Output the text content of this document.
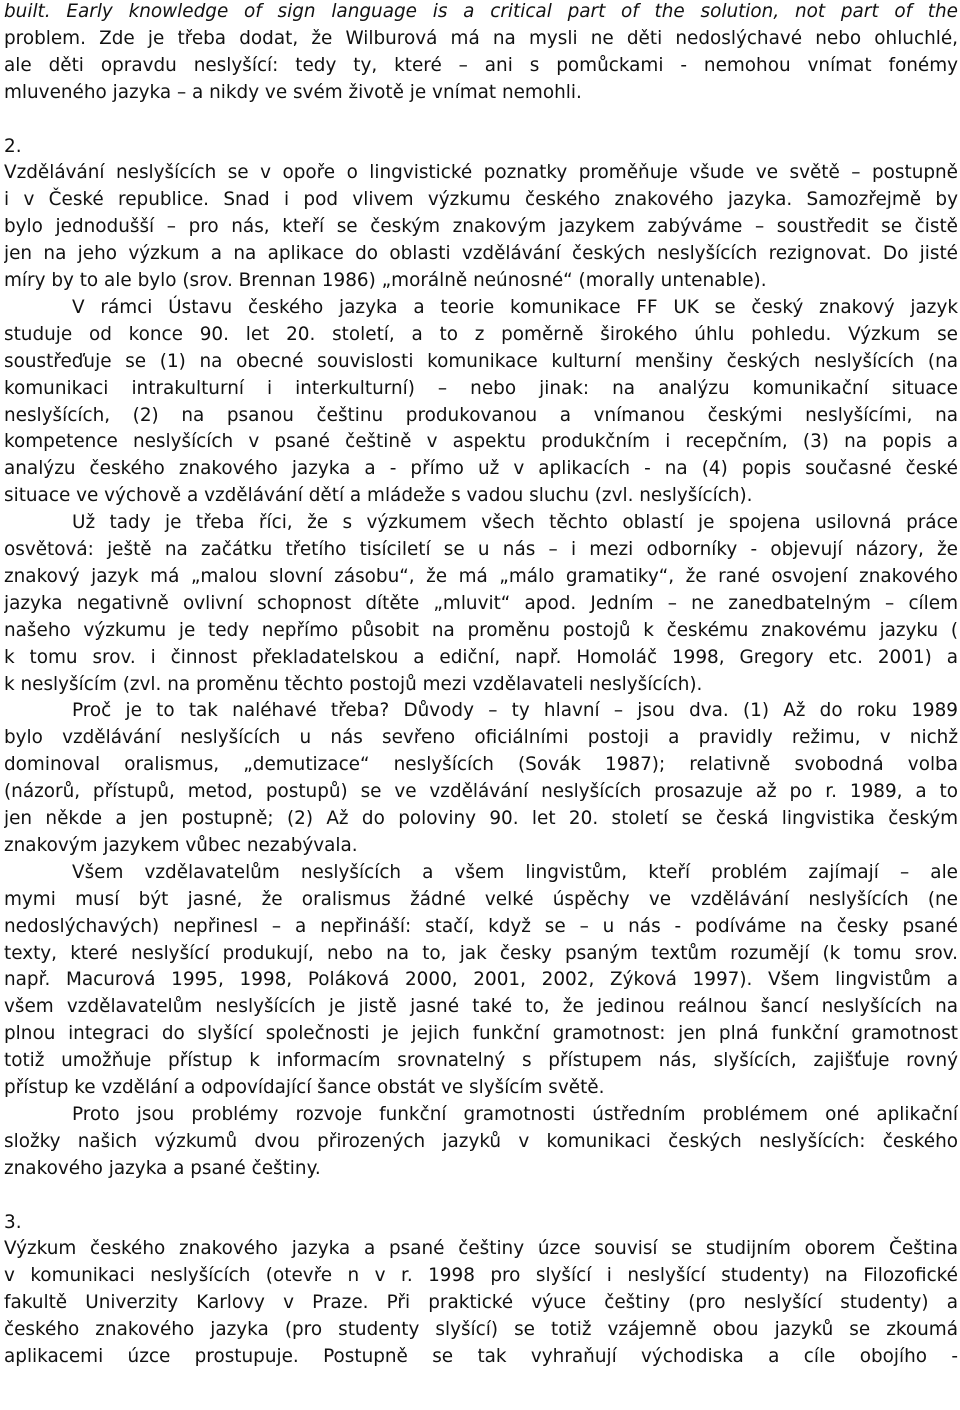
built. Early knowledge of sign language is a critical part of the solution, not part of the
problem. Zde je třeba dodat, že Wilburová má na mysli ne děti nedoslýchavé nebo ohluchlé,
ale děti opravdu neslyšící: tedy ty, které – ani s pomůckami - nemohou vnímat fonémy
mluveného jazyka – a nikdy ve svém životě je vnímat nemohli.
2.
Vzdělávání neslyšících se v opoře o lingvistické poznatky proměňuje všude ve světě – postupně
i v České republice. Snad i pod vlivem výzkumu českého znakového jazyka. Samozřejmě by
bylo jednodušší – pro nás, kteří se českým znakovým jazykem zabýváme – soustředit se čistě
jen na jeho výzkum a na aplikace do oblasti vzdělávání českých neslyšících rezignovat. Do jisté
míry by to ale bylo (srov. Brennan 1986) „morálně neúnosné“ (morally untenable).
V rámci Ústavu českého jazyka a teorie komunikace FF UK se český znakový jazyk
studuje od konce 90. let 20. století, a to z poměrně širokého úhlu pohledu. Výzkum se
soustřeďuje se (1) na obecné souvislosti komunikace kulturní menšiny českých neslyšících (na
komunikaci intrakulturní i interkulturní) – nebo jinak: na analýzu komunikační situace
neslyšících, (2) na psanou češtinu produkovanou a vnímanou českými neslyšícími, na
kompetence neslyšících v psané češtině v aspektu produkčním i recepčním, (3) na popis a
analýzu českého znakového jazyka a - přímo už v aplikacích - na (4) popis současné české
situace ve výchově a vzdělávání dětí a mládeže s vadou sluchu (zvl. neslyšících).
Už tady je třeba říci, že s výzkumem všech těchto oblastí je spojena usilovná práce
osvětová: ještě na začátku třetího tisíciletí se u nás – i mezi odborníky - objevují názory, že
znakový jazyk má „malou slovní zásobu“, že má „málo gramatiky“, že rané osvojení znakového
jazyka negativně ovlivní schopnost dítěte „mluvit“ apod. Jedním – ne zanedbatelným – cílem
našeho výzkumu je tedy nepřímo působit na proměnu postojů k českému znakovému jazyku (
k tomu srov. i činnost překladatelskou a ediční, např. Homoláč 1998, Gregory etc. 2001) a
k neslyšícím (zvl. na proměnu těchto postojů mezi vzdělavateli neslyšících).
Proč je to tak naléhavé třeba? Důvody – ty hlavní – jsou dva. (1) Až do roku 1989
bylo vzdělávání neslyšících u nás sevřeno oficiálními postoji a pravidly režimu, v nichž
dominoval oralismus, „demutizace“ neslyšících (Sovák 1987); relativně svobodná volba
(názorů, přístupů, metod, postupů) se ve vzdělávání neslyšících prosazuje až po r. 1989, a to
jen někde a jen postupně; (2) Až do poloviny 90. let 20. století se česká lingvistika českým
znakovým jazykem vůbec nezabývala.
Všem vzdělavatelům neslyšících a všem lingvistům, kteří problém zajímají – ale
mymi musí být jasné, že oralismus žádné velké úspěchy ve vzdělávání neslyšících (ne
nedoslýchavých) nepřinesl – a nepřináší: stačí, když se – u nás - podíváme na česky psané
texty, které neslyšící produkují, nebo na to, jak česky psaným textům rozumějí (k tomu srov.
např. Macurová 1995, 1998, Poláková 2000, 2001, 2002, Zýková 1997). Všem lingvistům a
všem vzdělavatelům neslyšících je jistě jasné také to, že jedinou reálnou šancí neslyšících na
plnou integraci do slyšící společnosti je jejich funkční gramotnost: jen plná funkční gramotnost
totiž umožňuje přístup k informacím srovnatelný s přístupem nás, slyšících, zajišťuje rovný
přístup ke vzdělání a odpovídající šance obstát ve slyšícím světě.
Proto jsou problémy rozvoje funkční gramotnosti ústředním problémem oné aplikační
složky našich výzkumů dvou přirozených jazyků v komunikaci českých neslyšících: českého
znakového jazyka a psané češtiny.
3.
Výzkum českého znakového jazyka a psané češtiny úzce souvisí se studijním oborem Čeština
v komunikaci neslyšících (otevře n v r. 1998 pro slyšící i neslyšící studenty) na Filozofické
fakultě Univerzity Karlovy v Praze. Při praktické výuce češtiny (pro neslyšící studenty) a
českého znakového jazyka (pro studenty slyšící) se totiž vzájemně obou jazyků se zkoumá
aplikacemi úzce prostupuje. Postupně se tak vyhraňují východiska a cíle obojího -
